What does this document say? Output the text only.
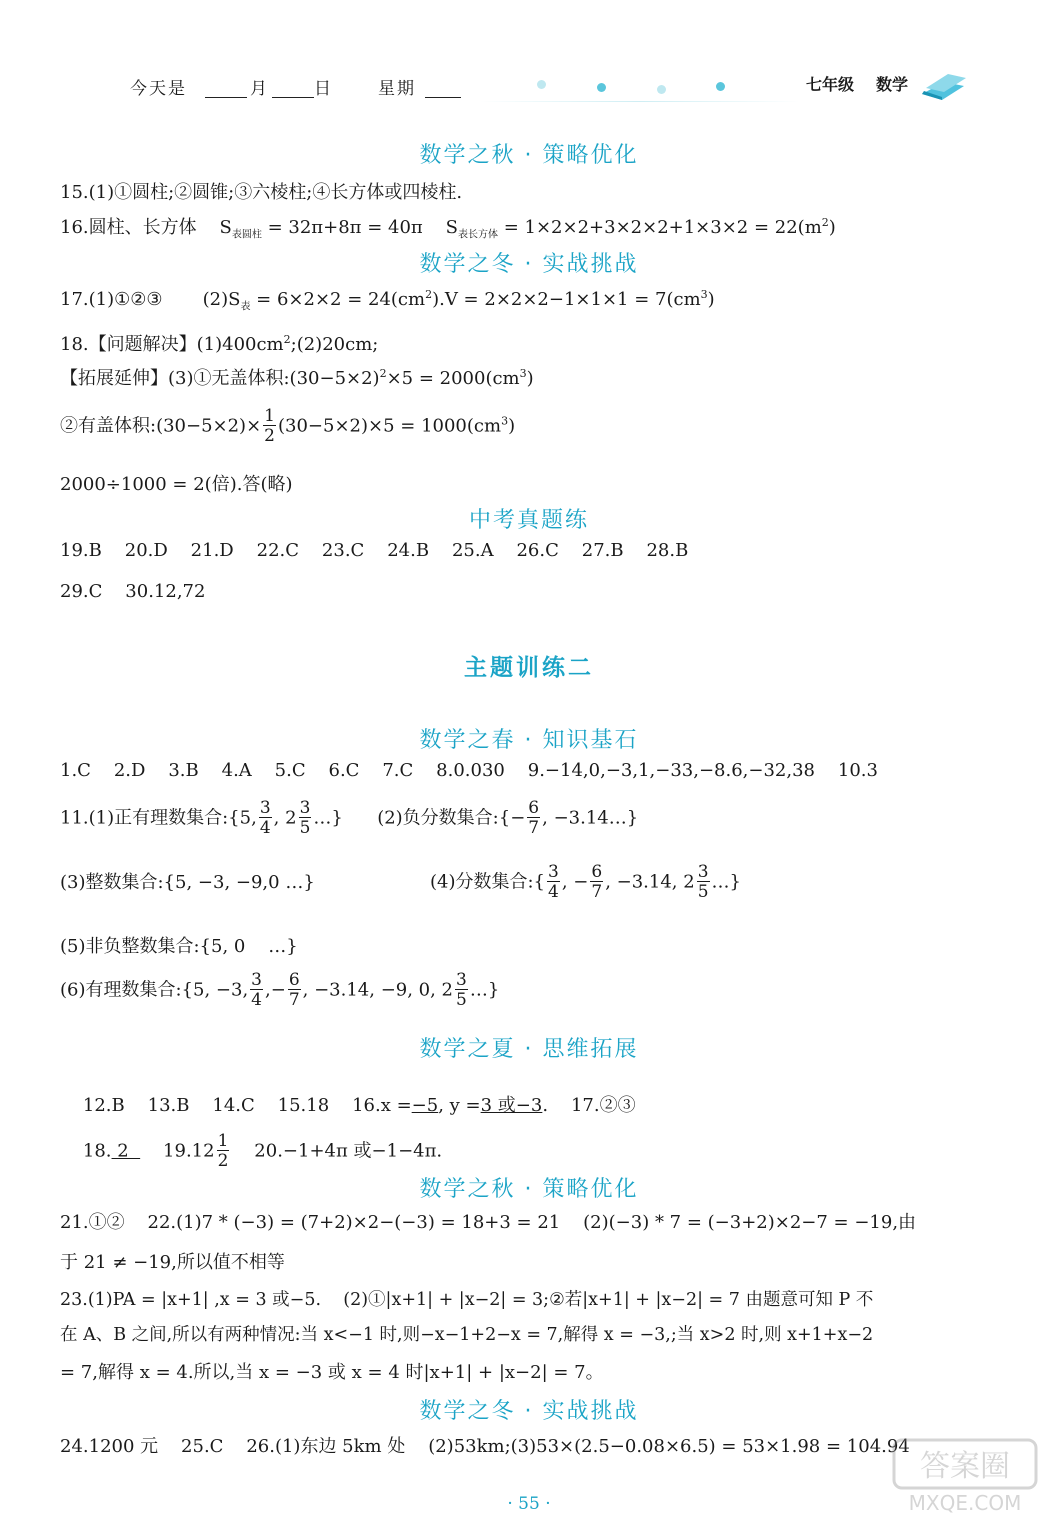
今天是	月	日	星期	七年级 数学
数学之秋 · 策略优化
15.(1)①圆柱;②圆锥;③六棱柱;④长方体或四棱柱.
16.圆柱、长方体 $S_{表圆柱} = 32\pi+8\pi = 40\pi$ $S_{表长方体} = 1\times 2\times 2+3\times 2\times 2+1\times 3\times 2 = 22(m^2)$
数学之冬 · 实战挑战
17.(1)①②③ $(2)S_表 = 6\times 2\times 2 = 24(cm^2).V = 2\times 2\times 2-1\times 1\times 1 = 7(cm^3)$
18.【问题解决】$(1)400cm^2;(2)20cm$;
【拓展延伸】(3)①无盖体积$:(30-5\times 2)^2\times 5 = 2000(cm^3)$
②有盖体积:(30−5×2)× $\frac{1}{2} (30-5\times 2)\times 5 = 1000(cm^3)$
2000÷1000 = 2(倍).答(略)
中考真题练
19.B    20.D    21.D    22.C    23.C    24.B    25.A    26.C    27.B    28.B
29.C    30.12,72
主题训练二
数学之春 · 知识基石
1.C    2.D    3.B    4.A    5.C    6.C    7.C    8.0.030    9.−14,0,−3,1,−33,−8.6,−32,38    10.3
11.(1)正有理数集合:{5, $\frac{3}{4}$ , $2 \frac{3}{5}$ …} (2)负分数集合:{− $\frac{6}{7}$ , −3.14…}
(3)整数集合:{5, −3, −9,0 …}	(4)分数集合:{ $\frac{3}{4}$ , − $\frac{6}{7}$ , −3.14, $2 \frac{3}{5}$ …}
(5)非负整数集合:{5, 0    …}
(6)有理数集合:{5, −3, $\frac{3}{4}$ ,− $\frac{6}{7}$ , −3.14, −9, 0, $2 \frac{3}{5}$ …}
数学之夏 · 思维拓展

12.B    13.B    14.C    15.18    16.x =−5, y =3 或−3.    17.②③

18. 2      $19.12 \frac{1}{2} 20.-1+4\pi$ 或−1−4π.

数学之秋 · 策略优化
21.①②    22.(1)7 * (−3) = (7+2)×2−(−3) = 18+3 = 21    (2)(−3) * 7 = (−3+2)×2−7 = −19,由
于 21 ≠ −19,所以值不相等
23.(1)PA = |x+1| ,x = 3 或−5.    (2)①|x+1| + |x−2| = 3;②若|x+1| + |x−2| = 7 由题意可知 P 不
在 A、B 之间,所以有两种情况:当 x<−1 时,则−x−1+2−x = 7,解得 x = −3,;当 x>2 时,则 x+1+x−2
= 7,解得 x = 4.所以,当 x = −3 或 x = 4 时|x+1| + |x−2| = 7。
数学之冬 · 实战挑战
24.1200 元    25.C    26.(1)东边 5km 处    (2)53km;(3)53×(2.5−0.08×6.5) = 53×1.98 = 104.94
· 55 ·
答案圈
MXQE.COM
